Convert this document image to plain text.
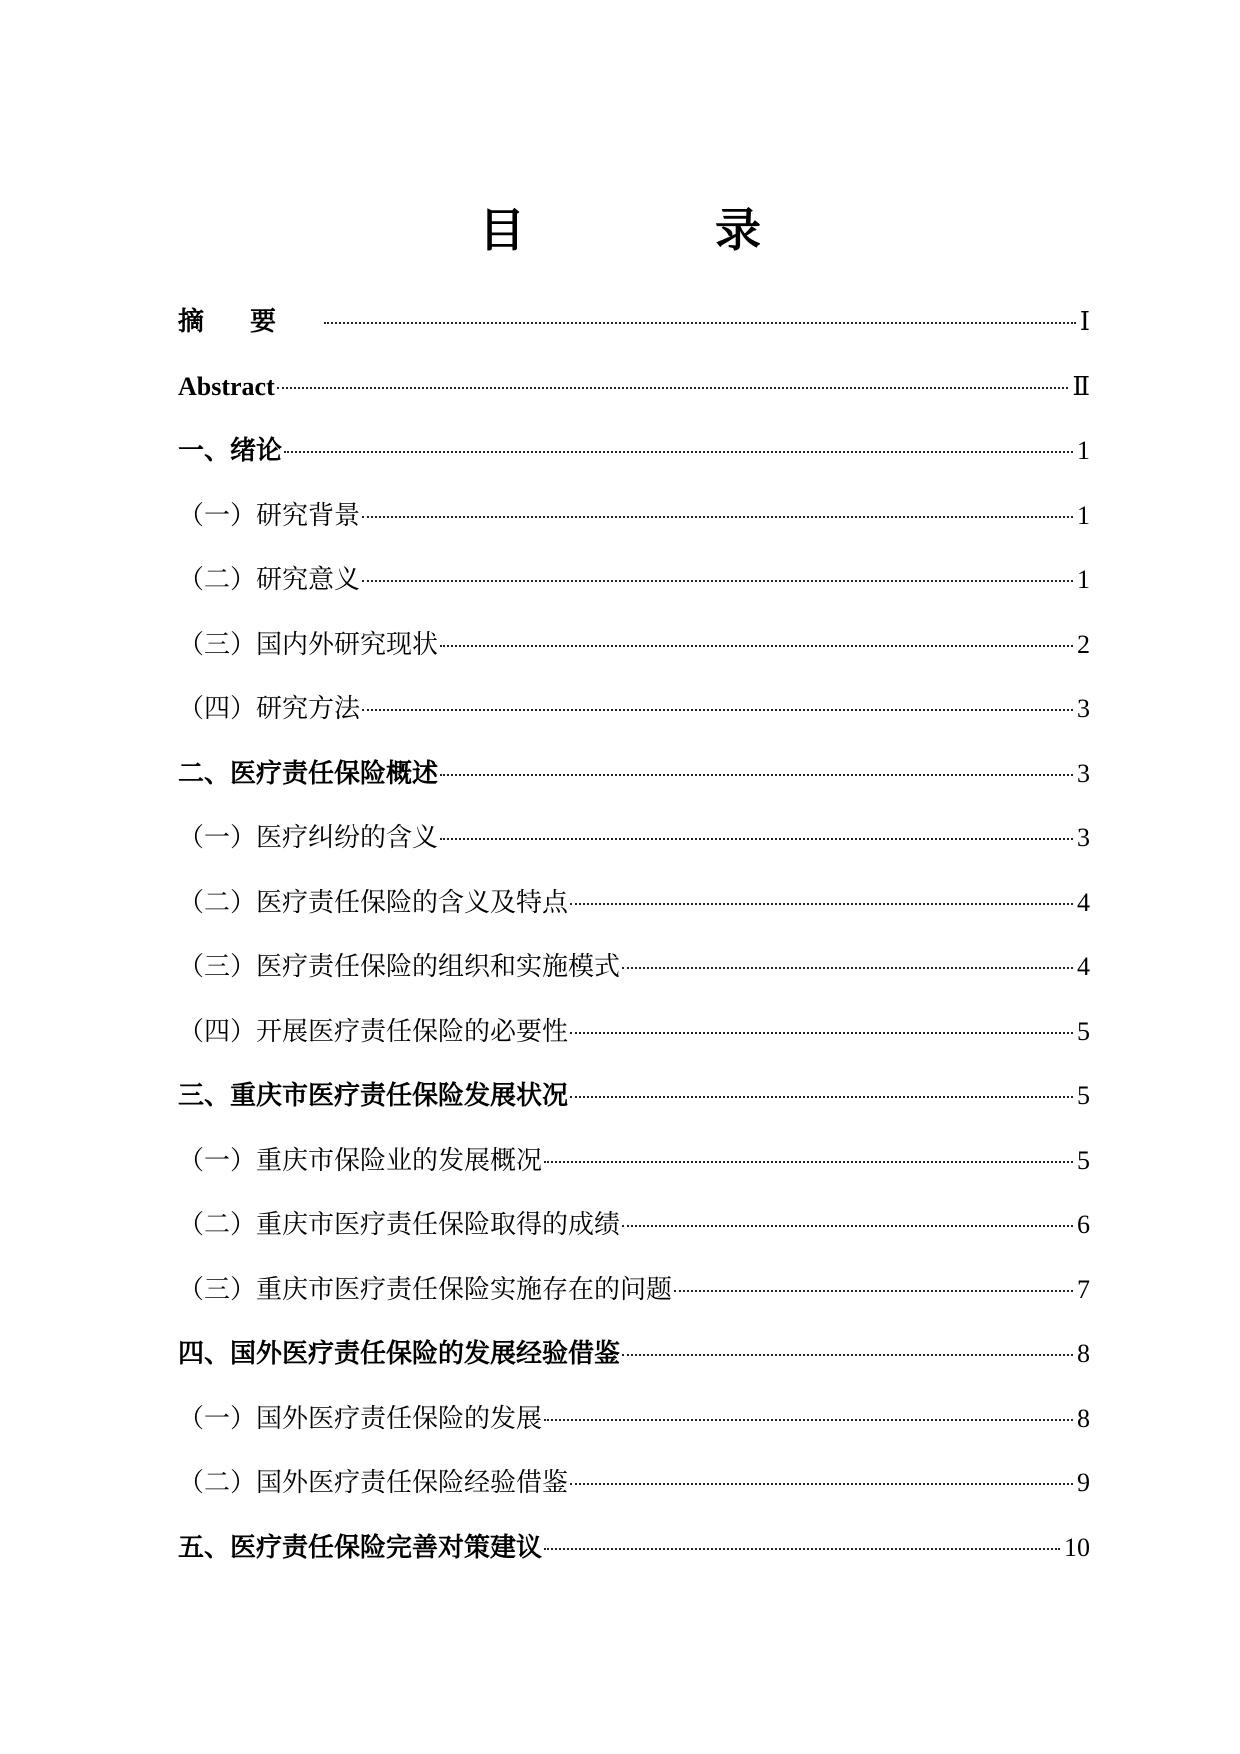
目　录
摘要	Ⅰ
Abstract	Ⅱ
一、绪论	1
（一）研究背景	1
（二）研究意义	1
（三）国内外研究现状	2
（四）研究方法	3
二、医疗责任保险概述	3
（一）医疗纠纷的含义	3
（二）医疗责任保险的含义及特点	4
（三）医疗责任保险的组织和实施模式	4
（四）开展医疗责任保险的必要性	5
三、重庆市医疗责任保险发展状况	5
（一）重庆市保险业的发展概况	5
（二）重庆市医疗责任保险取得的成绩	6
（三）重庆市医疗责任保险实施存在的问题	7
四、国外医疗责任保险的发展经验借鉴	8
（一）国外医疗责任保险的发展	8
（二）国外医疗责任保险经验借鉴	9
五、医疗责任保险完善对策建议	10
